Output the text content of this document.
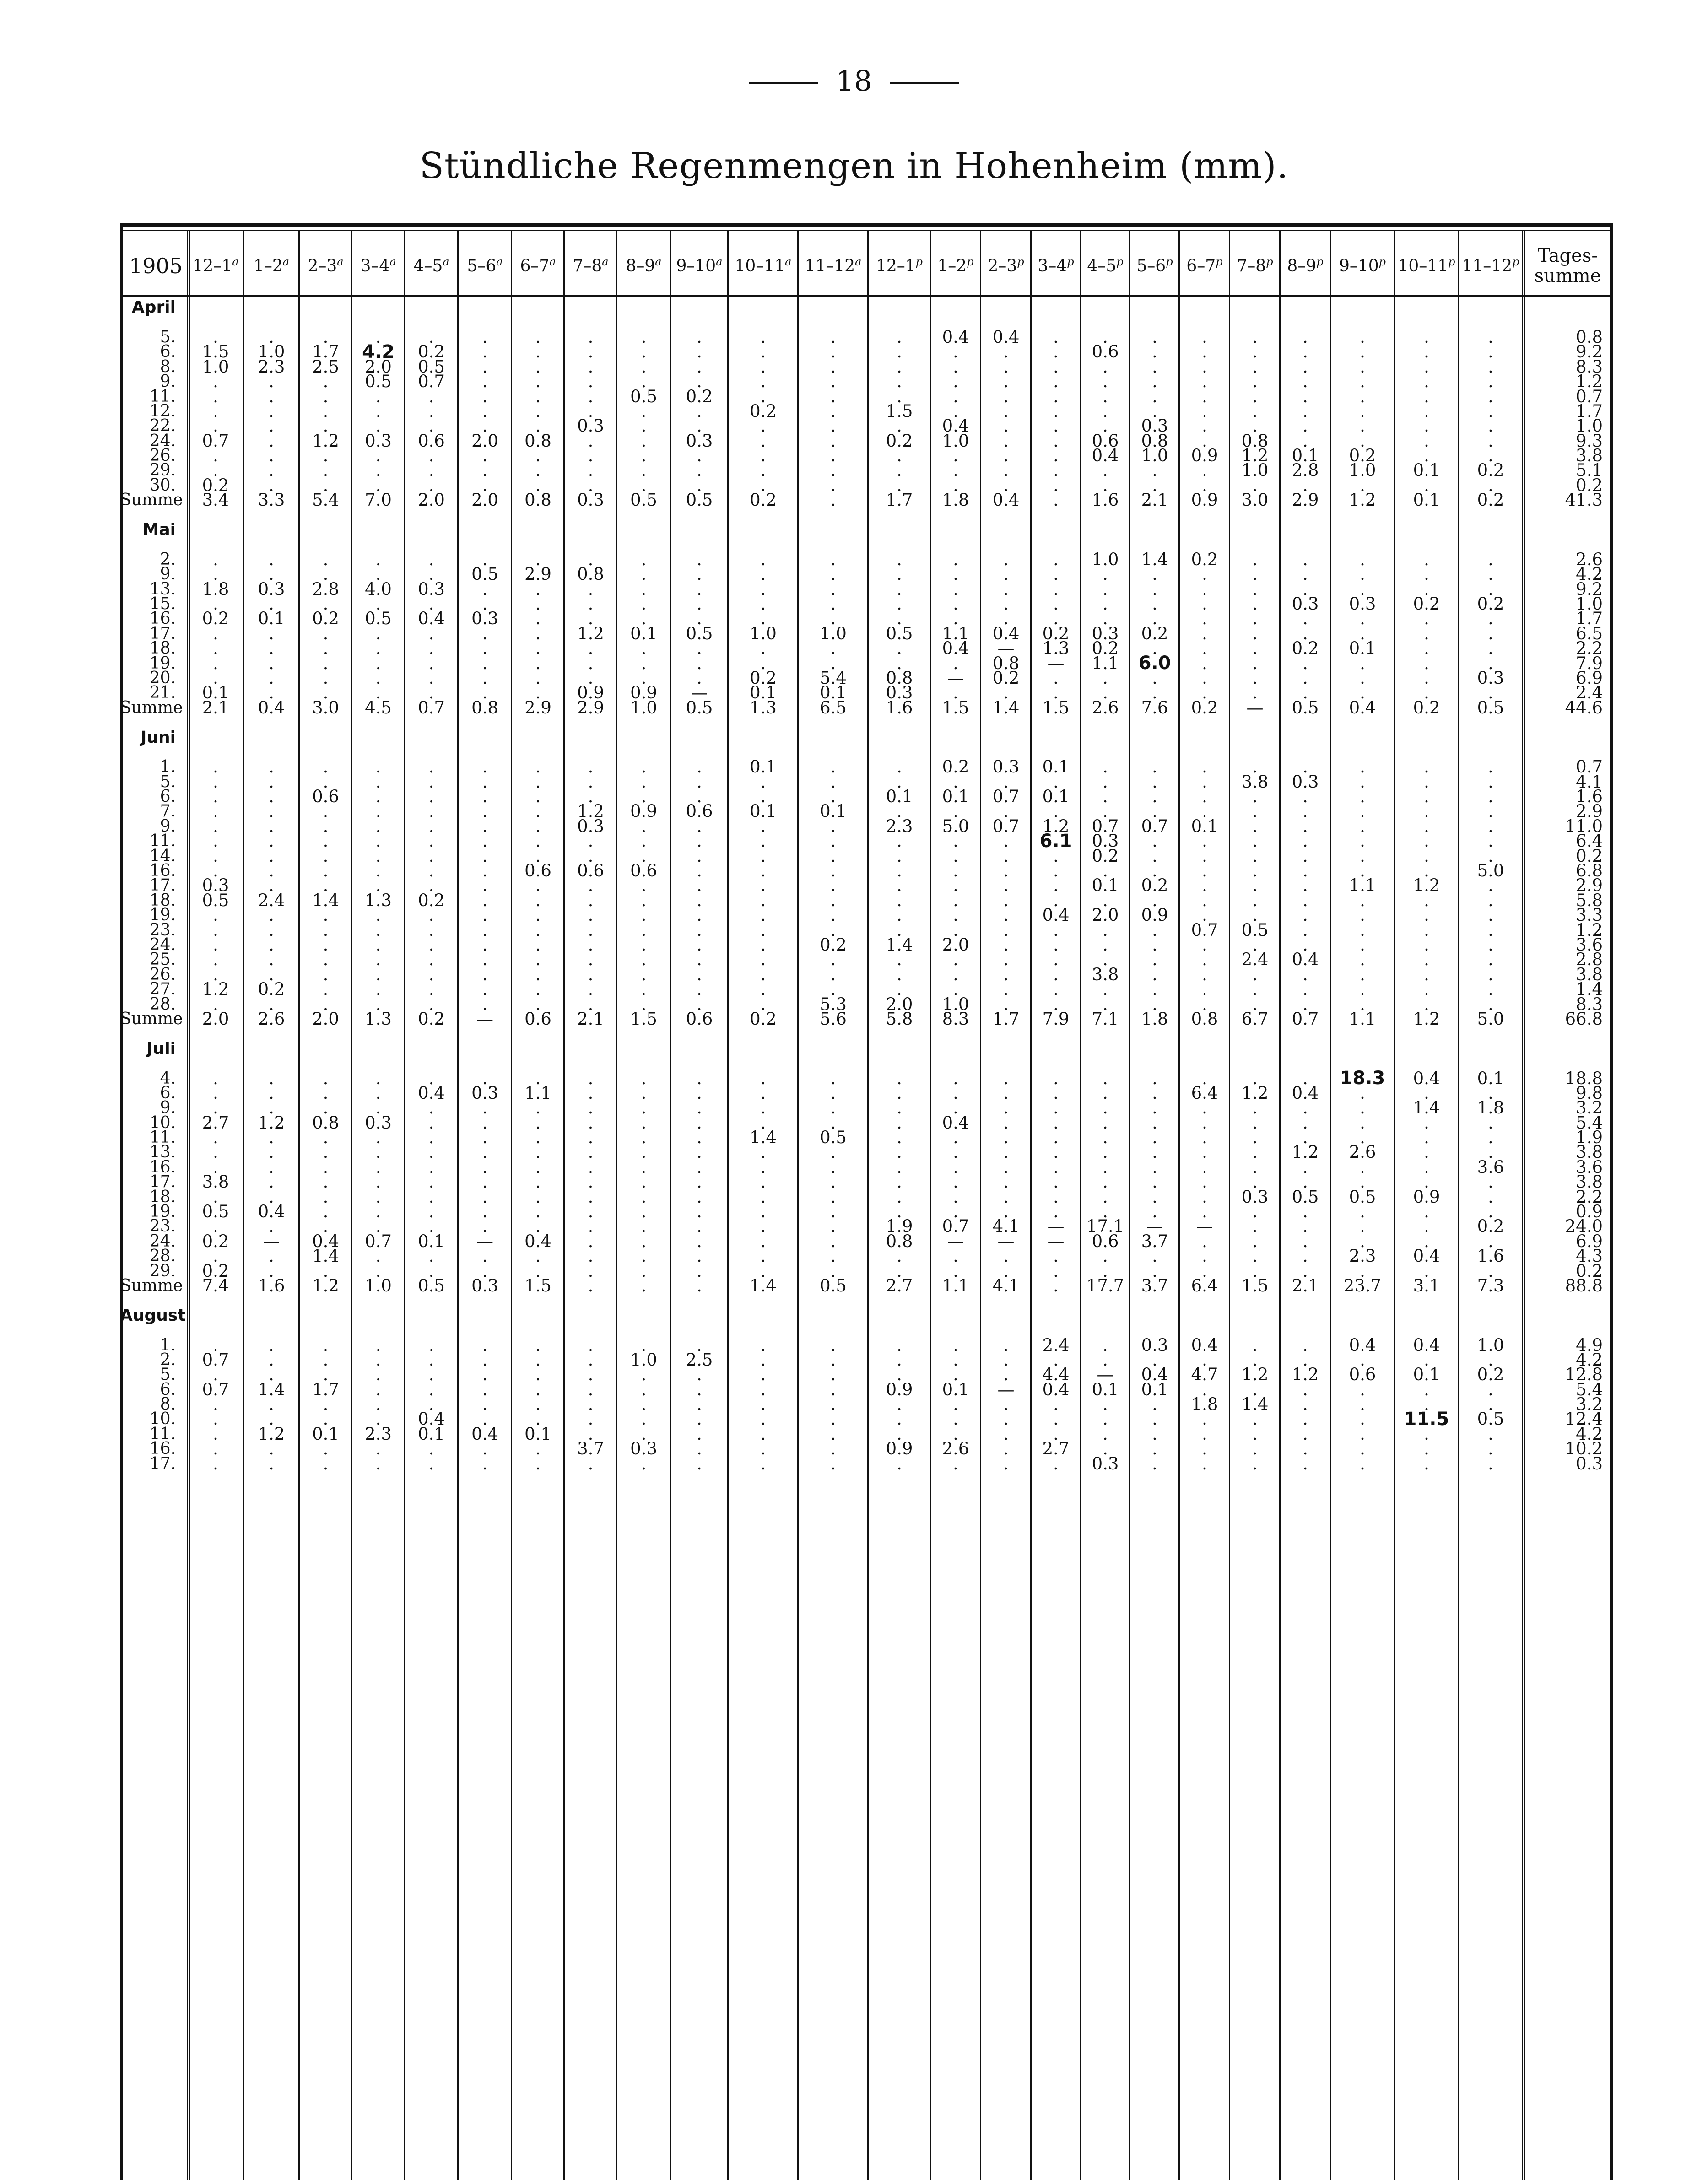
18
Stündliche Regenmengen in Hohenheim (mm).
1905	12–1$^a$	1–2$^a$	2–3$^a$	3–4$^a$	4–5$^a$	5–6$^a$	6–7$^a$	7–8$^a$	8–9$^a$	9–10$^a$	10–11$^a$	11–12$^a$	12–1$^p$	1–2$^p$	2–3$^p$	3–4$^p$	4–5$^p$	5–6$^p$	6–7$^p$	7–8$^p$	8–9$^p$	9–10$^p$	10–11$^p$	11–12$^p$	Tages-summe
April																									

5.	.	.	.	.	.	.	.	.	.	.	.	.	.	0.4	0.4	.	.	.	.	.	.	.	.	.	0.8
6.	1.5	1.0	1.7	4.2	0.2	.	.	.	.	.	.	.	.	.	.	.	0.6	.	.	.	.	.	.	.	9.2
8.	1.0	2.3	2.5	2.0	0.5	.	.	.	.	.	.	.	.	.	.	.	.	.	.	.	.	.	.	.	8.3
9.	.	.	.	0.5	0.7	.	.	.	.	.	.	.	.	.	.	.	.	.	.	.	.	.	.	.	1.2
11.	.	.	.	.	.	.	.	.	0.5	0.2	.	.	.	.	.	.	.	.	.	.	.	.	.	.	0.7
12.	.	.	.	.	.	.	.	.	.	.	0.2	.	1.5	.	.	.	.	.	.	.	.	.	.	.	1.7
22.	.	.	.	.	.	.	.	0.3	.	.	.	.	.	0.4	.	.	.	0.3	.	.	.	.	.	.	1.0
24.	0.7	.	1.2	0.3	0.6	2.0	0.8	.	.	0.3	.	.	0.2	1.0	.	.	0.6	0.8	.	0.8	.	.	.	.	9.3
26.	.	.	.	.	.	.	.	.	.	.	.	.	.	.	.	.	0.4	1.0	0.9	1.2	0.1	0.2	.	.	3.8
29.	.	.	.	.	.	.	.	.	.	.	.	.	.	.	.	.	.	.	.	1.0	2.8	1.0	0.1	0.2	5.1
30.	0.2	.	.	.	.	.	.	.	.	.	.	.	.	.	.	.	.	.	.	.	.	.	.	.	0.2
Summe	3.4	3.3	5.4	7.0	2.0	2.0	0.8	0.3	0.5	0.5	0.2	.	1.7	1.8	0.4	.	1.6	2.1	0.9	3.0	2.9	1.2	0.1	0.2	41.3

Mai																									

2.	.	.	.	.	.	.	.	.	.	.	.	.	.	.	.	.	1.0	1.4	0.2	.	.	.	.	.	2.6
9.	.	.	.	.	.	0.5	2.9	0.8	.	.	.	.	.	.	.	.	.	.	.	.	.	.	.	.	4.2
13.	1.8	0.3	2.8	4.0	0.3	.	.	.	.	.	.	.	.	.	.	.	.	.	.	.	.	.	.	.	9.2
15.	.	.	.	.	.	.	.	.	.	.	.	.	.	.	.	.	.	.	.	.	0.3	0.3	0.2	0.2	1.0
16.	0.2	0.1	0.2	0.5	0.4	0.3	.	.	.	.	.	.	.	.	.	.	.	.	.	.	.	.	.	.	1.7
17.	.	.	.	.	.	.	.	1.2	0.1	0.5	1.0	1.0	0.5	1.1	0.4	0.2	0.3	0.2	.	.	.	.	.	.	6.5
18.	.	.	.	.	.	.	.	.	.	.	.	.	.	0.4	—	1.3	0.2	.	.	.	0.2	0.1	.	.	2.2
19.	.	.	.	.	.	.	.	.	.	.	.	.	.	.	0.8	—	1.1	6.0	.	.	.	.	.	.	7.9
20.	.	.	.	.	.	.	.	.	.	.	0.2	5.4	0.8	—	0.2	.	.	.	.	.	.	.	.	0.3	6.9
21.	0.1	.	.	.	.	.	.	0.9	0.9	—	0.1	0.1	0.3	.	.	.	.	.	.	.	.	.	.	.	2.4
Summe	2.1	0.4	3.0	4.5	0.7	0.8	2.9	2.9	1.0	0.5	1.3	6.5	1.6	1.5	1.4	1.5	2.6	7.6	0.2	—	0.5	0.4	0.2	0.5	44.6

Juni																									

1.	.	.	.	.	.	.	.	.	.	.	0.1	.	.	0.2	0.3	0.1	.	.	.	.	.	.	.	.	0.7
5.	.	.	.	.	.	.	.	.	.	.	.	.	.	.	.	.	.	.	.	3.8	0.3	.	.	.	4.1
6.	.	.	0.6	.	.	.	.	.	.	.	.	.	0.1	0.1	0.7	0.1	.	.	.	.	.	.	.	.	1.6
7.	.	.	.	.	.	.	.	1.2	0.9	0.6	0.1	0.1	.	.	.	.	.	.	.	.	.	.	.	.	2.9
9.	.	.	.	.	.	.	.	0.3	.	.	.	.	2.3	5.0	0.7	1.2	0.7	0.7	0.1	.	.	.	.	.	11.0
11.	.	.	.	.	.	.	.	.	.	.	.	.	.	.	.	6.1	0.3	.	.	.	.	.	.	.	6.4
14.	.	.	.	.	.	.	.	.	.	.	.	.	.	.	.	.	0.2	.	.	.	.	.	.	.	0.2
16.	.	.	.	.	.	.	0.6	0.6	0.6	.	.	.	.	.	.	.	.	.	.	.	.	.	.	5.0	6.8
17.	0.3	.	.	.	.	.	.	.	.	.	.	.	.	.	.	.	0.1	0.2	.	.	.	1.1	1.2	.	2.9
18.	0.5	2.4	1.4	1.3	0.2	.	.	.	.	.	.	.	.	.	.	.	.	.	.	.	.	.	.	.	5.8
19.	.	.	.	.	.	.	.	.	.	.	.	.	.	.	.	0.4	2.0	0.9	.	.	.	.	.	.	3.3
23.	.	.	.	.	.	.	.	.	.	.	.	.	.	.	.	.	.	.	0.7	0.5	.	.	.	.	1.2
24.	.	.	.	.	.	.	.	.	.	.	.	0.2	1.4	2.0	.	.	.	.	.	.	.	.	.	.	3.6
25.	.	.	.	.	.	.	.	.	.	.	.	.	.	.	.	.	.	.	.	2.4	0.4	.	.	.	2.8
26.	.	.	.	.	.	.	.	.	.	.	.	.	.	.	.	.	3.8	.	.	.	.	.	.	.	3.8
27.	1.2	0.2	.	.	.	.	.	.	.	.	.	.	.	.	.	.	.	.	.	.	.	.	.	.	1.4
28.	.	.	.	.	.	.	.	.	.	.	.	5.3	2.0	1.0	.	.	.	.	.	.	.	.	.	.	8.3
Summe	2.0	2.6	2.0	1.3	0.2	—	0.6	2.1	1.5	0.6	0.2	5.6	5.8	8.3	1.7	7.9	7.1	1.8	0.8	6.7	0.7	1.1	1.2	5.0	66.8

Juli																									

4.	.	.	.	.	.	.	.	.	.	.	.	.	.	.	.	.	.	.	.	.	.	18.3	0.4	0.1	18.8
6.	.	.	.	.	0.4	0.3	1.1	.	.	.	.	.	.	.	.	.	.	.	6.4	1.2	0.4	.	.	.	9.8
9.	.	.	.	.	.	.	.	.	.	.	.	.	.	.	.	.	.	.	.	.	.	.	1.4	1.8	3.2
10.	2.7	1.2	0.8	0.3	.	.	.	.	.	.	.	.	.	0.4	.	.	.	.	.	.	.	.	.	.	5.4
11.	.	.	.	.	.	.	.	.	.	.	1.4	0.5	.	.	.	.	.	.	.	.	.	.	.	.	1.9
13.	.	.	.	.	.	.	.	.	.	.	.	.	.	.	.	.	.	.	.	.	1.2	2.6	.	.	3.8
16.	.	.	.	.	.	.	.	.	.	.	.	.	.	.	.	.	.	.	.	.	.	.	.	3.6	3.6
17.	3.8	.	.	.	.	.	.	.	.	.	.	.	.	.	.	.	.	.	.	.	.	.	.	.	3.8
18.	.	.	.	.	.	.	.	.	.	.	.	.	.	.	.	.	.	.	.	0.3	0.5	0.5	0.9	.	2.2
19.	0.5	0.4	.	.	.	.	.	.	.	.	.	.	.	.	.	.	.	.	.	.	.	.	.	.	0.9
23.	.	.	.	.	.	.	.	.	.	.	.	.	1.9	0.7	4.1	—	17.1	—	—	.	.	.	.	0.2	24.0
24.	0.2	—	0.4	0.7	0.1	—	0.4	.	.	.	.	.	0.8	—	—	—	0.6	3.7	.	.	.	.	.	.	6.9
28.	.	.	1.4	.	.	.	.	.	.	.	.	.	.	.	.	.	.	.	.	.	.	2.3	0.4	1.6	4.3
29.	0.2	.	.	.	.	.	.	.	.	.	.	.	.	.	.	.	.	.	.	.	.	.	.	.	0.2
Summe	7.4	1.6	1.2	1.0	0.5	0.3	1.5	.	.	.	1.4	0.5	2.7	1.1	4.1	.	17.7	3.7	6.4	1.5	2.1	23.7	3.1	7.3	88.8

August																									

1.	.	.	.	.	.	.	.	.	.	.	.	.	.	.	.	2.4	.	0.3	0.4	.	.	0.4	0.4	1.0	4.9
2.	0.7	.	.	.	.	.	.	.	1.0	2.5	.	.	.	.	.	.	.	.	.	.	.	.	.	.	4.2
5.	.	.	.	.	.	.	.	.	.	.	.	.	.	.	.	4.4	—	0.4	4.7	1.2	1.2	0.6	0.1	0.2	12.8
6.	0.7	1.4	1.7	.	.	.	.	.	.	.	.	.	0.9	0.1	—	0.4	0.1	0.1	.	.	.	.	.	.	5.4
8.	.	.	.	.	.	.	.	.	.	.	.	.	.	.	.	.	.	.	1.8	1.4	.	.	.	.	3.2
10.	.	.	.	.	0.4	.	.	.	.	.	.	.	.	.	.	.	.	.	.	.	.	.	11.5	0.5	12.4
11.	.	1.2	0.1	2.3	0.1	0.4	0.1	.	.	.	.	.	.	.	.	.	.	.	.	.	.	.	.	.	4.2
16.	.	.	.	.	.	.	.	3.7	0.3	.	.	.	0.9	2.6	.	2.7	.	.	.	.	.	.	.	.	10.2
17.	.	.	.	.	.	.	.	.	.	.	.	.	.	.	.	.	0.3	.	.	.	.	.	.	.	0.3
